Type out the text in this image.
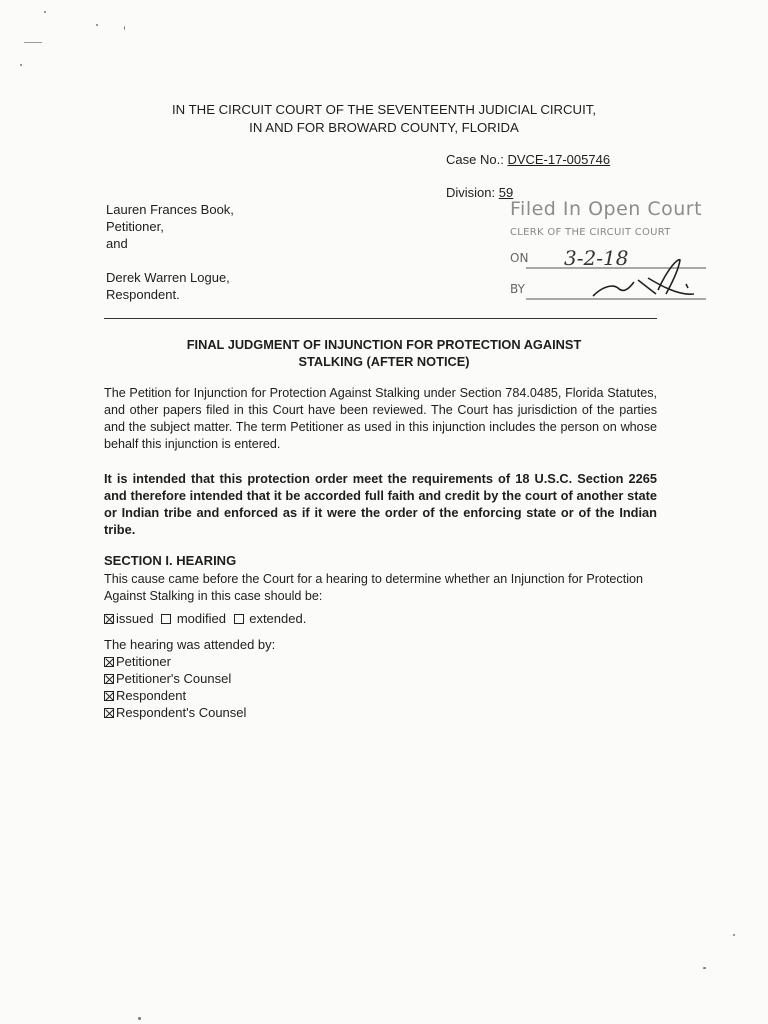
IN THE CIRCUIT COURT OF THE SEVENTEENTH JUDICIAL CIRCUIT,
IN AND FOR BROWARD COUNTY, FLORIDA
Case No.: DVCE-17-005746
Division: 59
Lauren Frances Book,
Petitioner,
and
Derek Warren Logue,
Respondent.
Filed In Open Court
CLERK OF THE CIRCUIT COURT
ON
BY
3-2-18
FINAL JUDGMENT OF INJUNCTION FOR PROTECTION AGAINST
STALKING (AFTER NOTICE)
The Petition for Injunction for Protection Against Stalking under Section 784.0485, Florida Statutes, and other papers filed in this Court have been reviewed. The Court has jurisdiction of the parties and the subject matter. The term Petitioner as used in this injunction includes the person on whose behalf this injunction is entered.
It is intended that this protection order meet the requirements of 18 U.S.C. Section 2265 and therefore intended that it be accorded full faith and credit by the court of another state or Indian tribe and enforced as if it were the order of the enforcing state or of the Indian tribe.
SECTION I. HEARING
This cause came before the Court for a hearing to determine whether an Injunction for Protection Against Stalking in this case should be:
issued modified extended.
The hearing was attended by:
Petitioner
Petitioner's Counsel
Respondent
Respondent's Counsel
